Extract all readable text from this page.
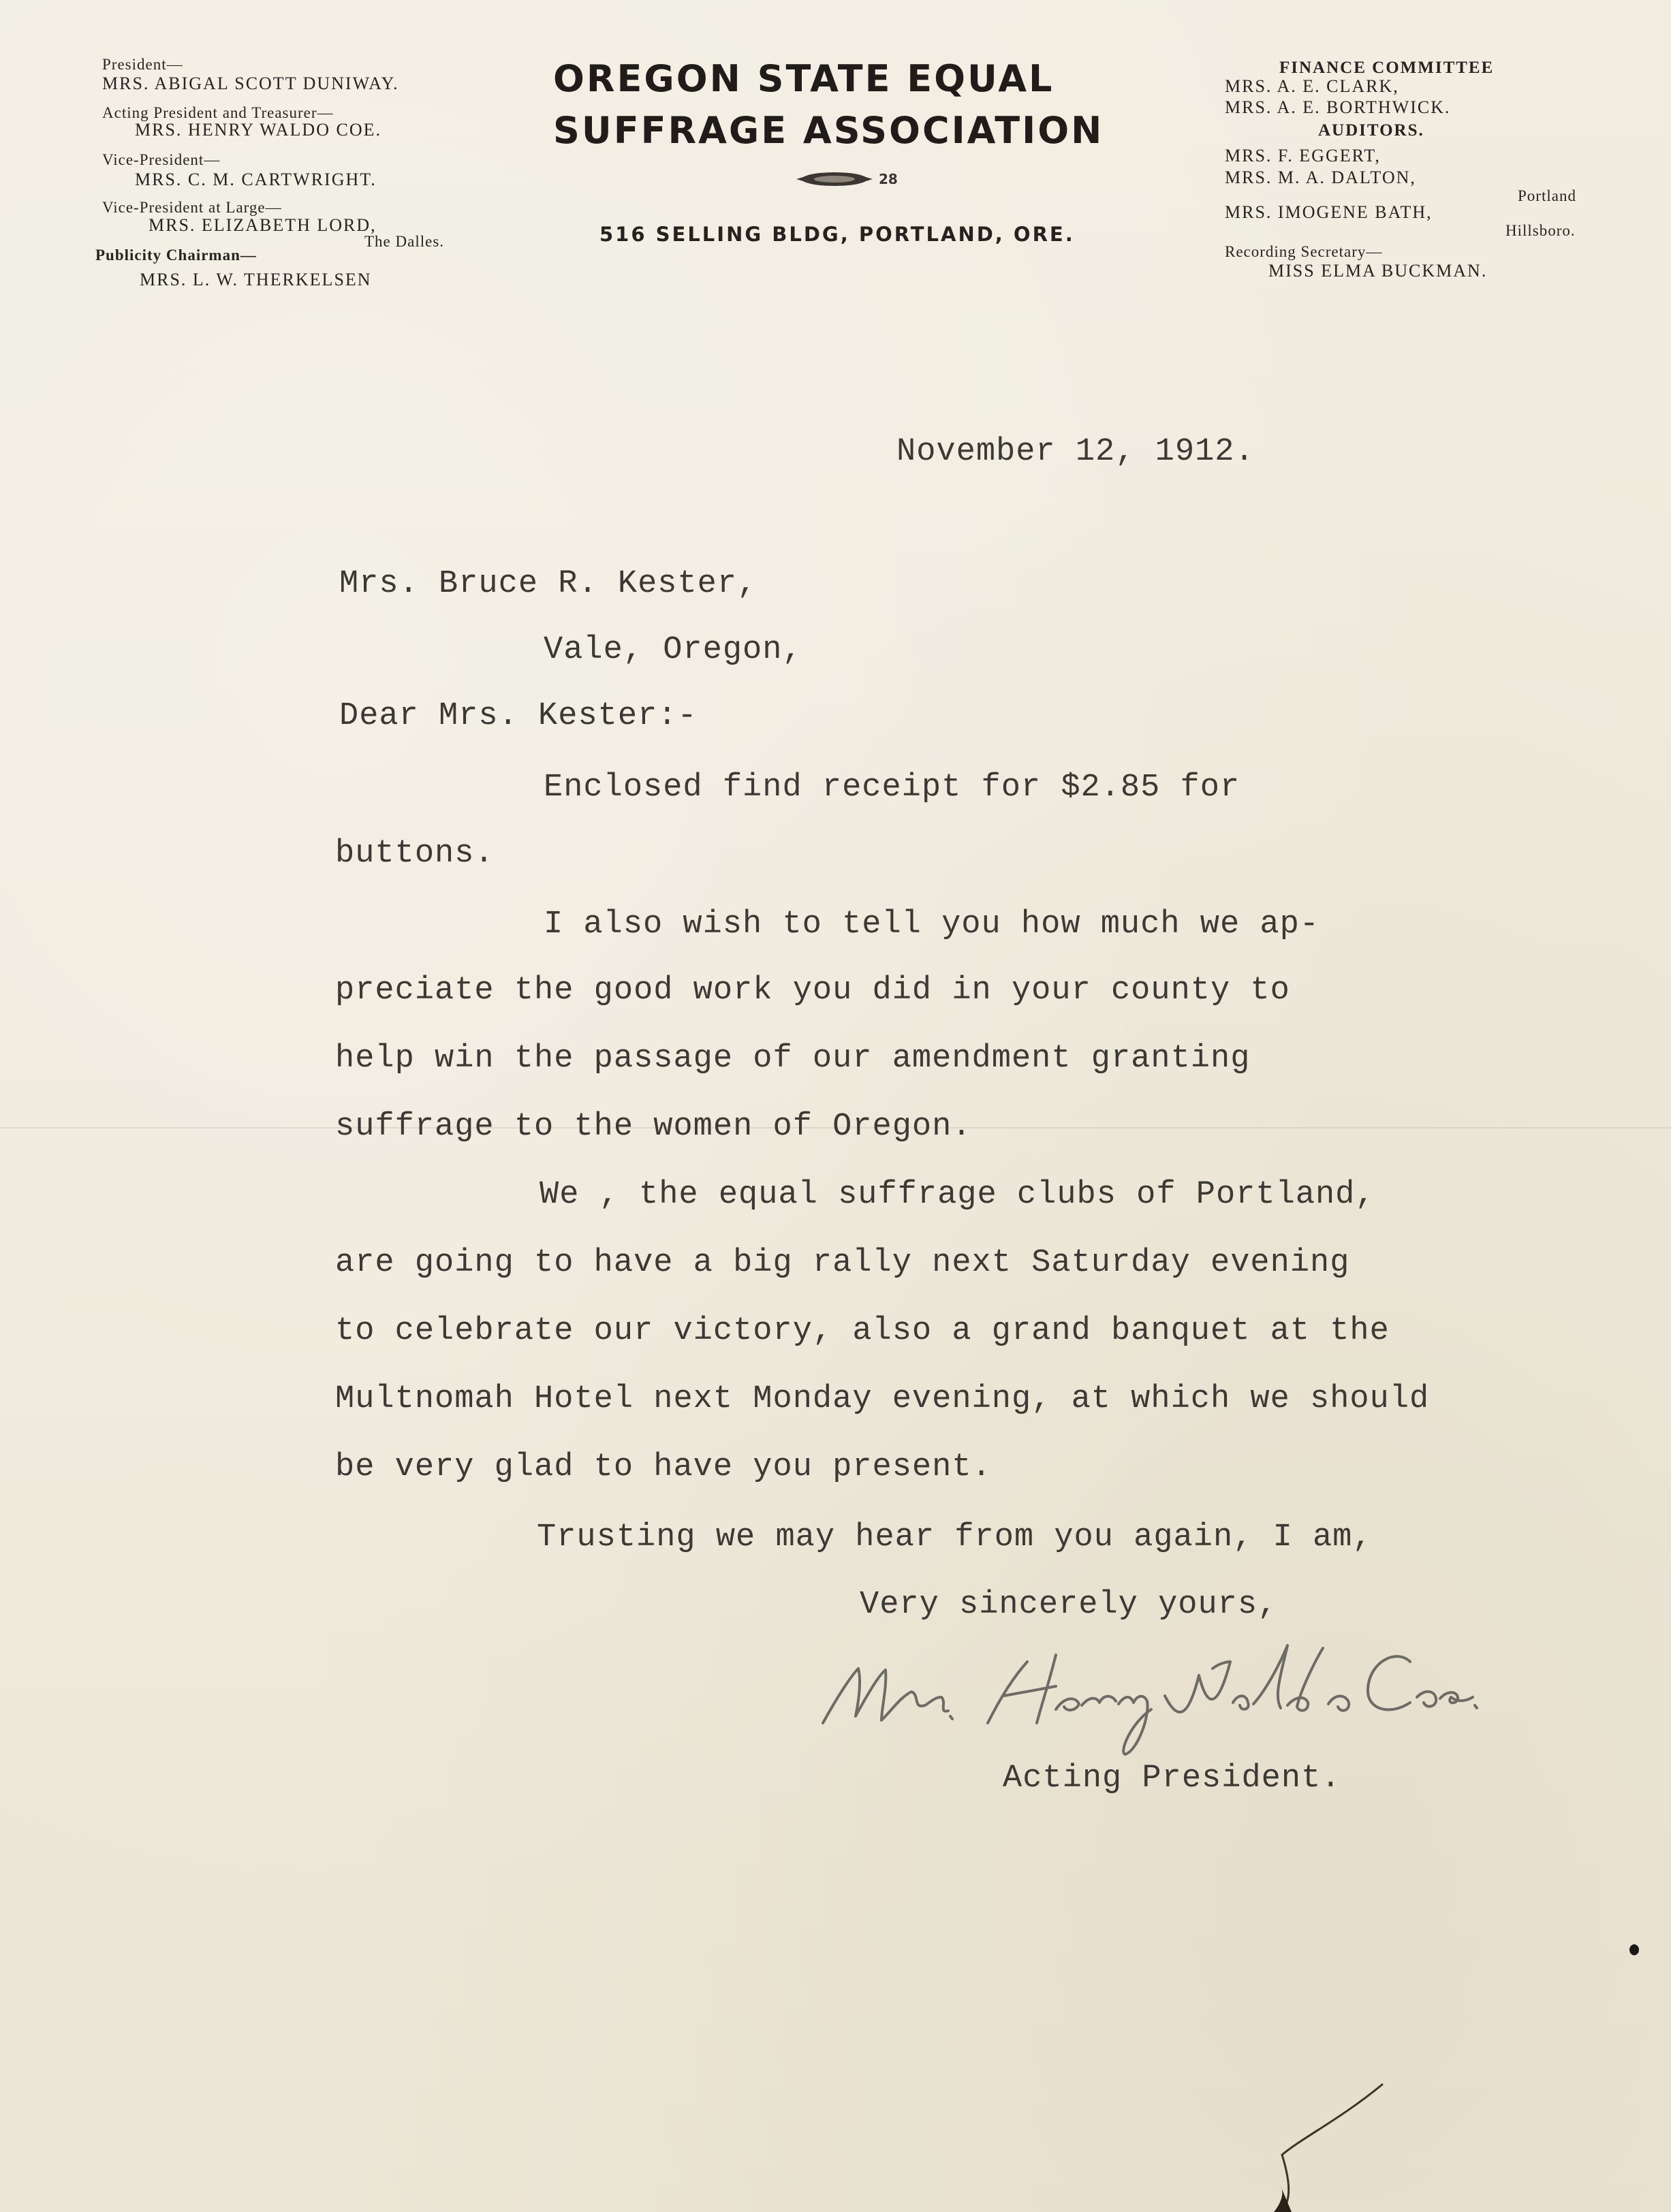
President—
MRS. ABIGAL SCOTT DUNIWAY.
Acting President and Treasurer—
MRS. HENRY WALDO COE.
Vice-President—
MRS. C. M. CARTWRIGHT.
Vice-President at Large—
MRS. ELIZABETH LORD,
The Dalles.
Publicity Chairman—
MRS. L. W. THERKELSEN
OREGON STATE EQUAL
SUFFRAGE ASSOCIATION
28
516 SELLING BLDG, PORTLAND, ORE.
FINANCE COMMITTEE
MRS. A. E. CLARK,
MRS. A. E. BORTHWICK.
AUDITORS.
MRS. F. EGGERT,
MRS. M. A. DALTON,
Portland
MRS. IMOGENE BATH,
Hillsboro.
Recording Secretary—
MISS ELMA BUCKMAN.
November 12, 1912.
Mrs. Bruce R. Kester,
Vale, Oregon,
Dear Mrs. Kester:-
Enclosed find receipt for $2.85 for
buttons.
I also wish to tell you how much we ap-
preciate the good work you did in your county to
help win the passage of our amendment granting
suffrage to the women of Oregon.
We , the equal suffrage clubs of Portland,
are going to have a big rally next Saturday evening
to celebrate our victory, also a grand banquet at the
Multnomah Hotel next Monday evening, at which we should
be very glad to have you present.
Trusting we may hear from you again, I am,
Very sincerely yours,
Acting President.
